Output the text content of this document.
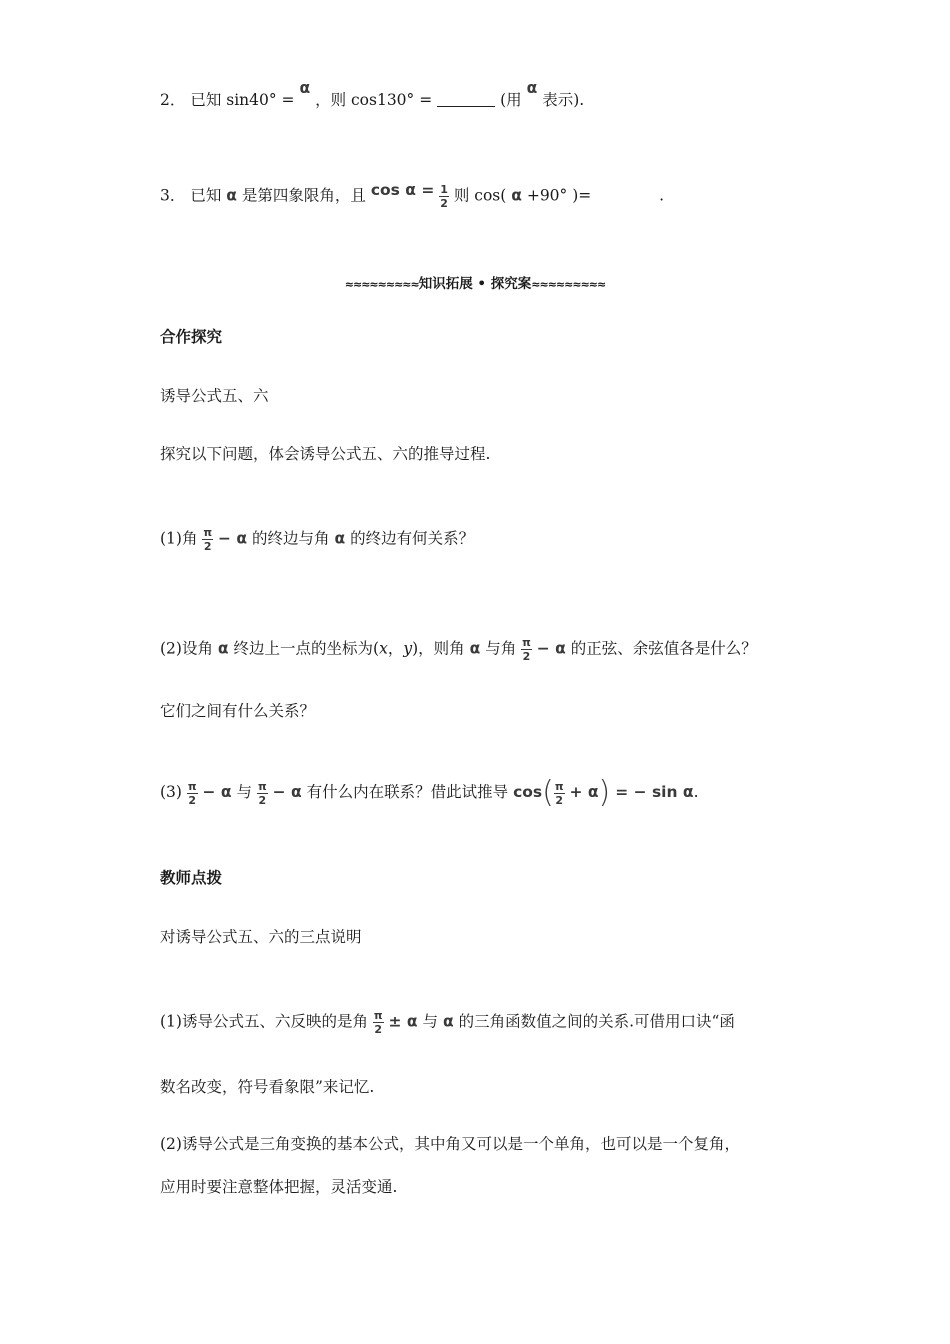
2． 已知 sin40° = α ，则 cos130° =	(用 α 表示).
3． 已知 α 是第四象限角，且 $\cos \alpha = \frac{1}{2}$ 则 cos( α +90° )=	.
≈≈≈≈≈≈≈≈≈知识拓展 • 探究案≈≈≈≈≈≈≈≈≈
合作探究
诱导公式五、六
探究以下问题，体会诱导公式五、六的推导过程.
(1)角 $\frac{\pi}{2} - \alpha$ 的终边与角 α 的终边有何关系？
(2)设角 α 终边上一点的坐标为(x，y)，则角 α 与角 $\frac{\pi}{2} - \alpha$ 的正弦、余弦值各是什么？
它们之间有什么关系？
$(3) \frac{\pi}{2} - \alpha$ 与 $\frac{\pi}{2} - \alpha$ 有什么内在联系？借此试推导 $\cos( \frac{\pi}{2} + \alpha)$ = − sin α.
教师点拨
对诱导公式五、六的三点说明
(1)诱导公式五、六反映的是角 $\frac{\pi}{2} \pm \alpha$ 与 α 的三角函数值之间的关系.可借用口诀“函
数名改变，符号看象限”来记忆.
(2)诱导公式是三角变换的基本公式，其中角又可以是一个单角，也可以是一个复角，
应用时要注意整体把握，灵活变通.
